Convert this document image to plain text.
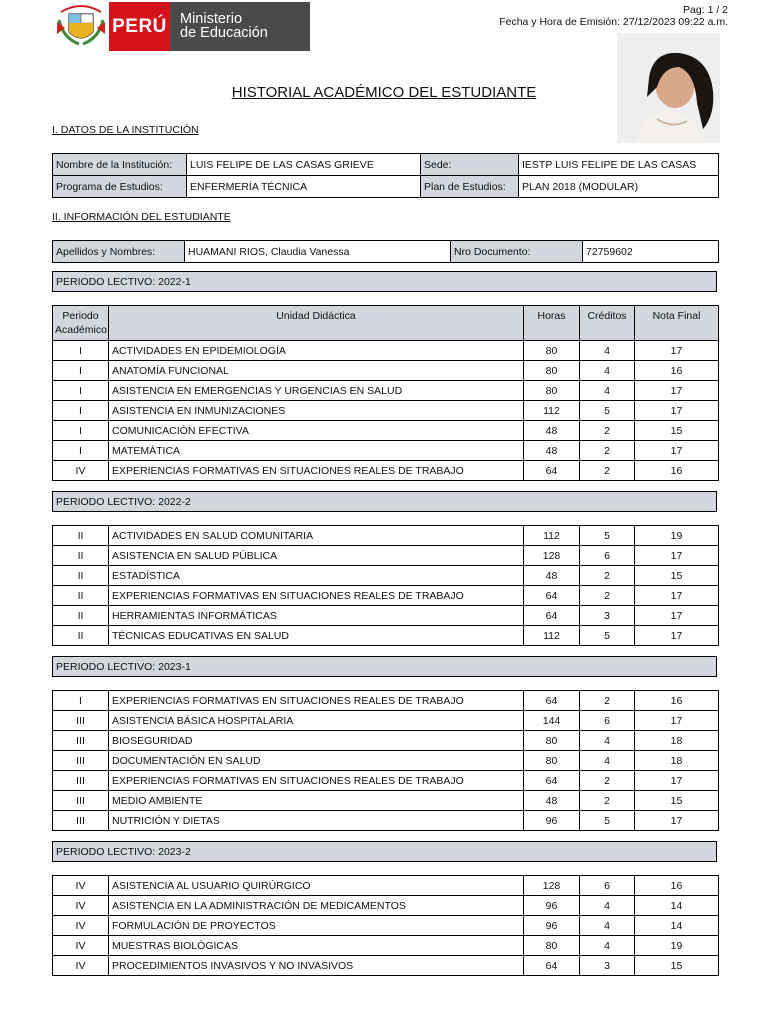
PERÚ Ministerio
de Educación
Pag: 1 / 2
Fecha y Hora de Emisión: 27/12/2023 09:22 a.m.
HISTORIAL ACADÉMICO DEL ESTUDIANTE
I. DATOS DE LA INSTITUCIÓN
Nombre de la Institución:	LUIS FELIPE DE LAS CASAS GRIEVE	Sede:	IESTP LUIS FELIPE DE LAS CASAS
Programa de Estudios:	ENFERMERÍA TÉCNICA	Plan de Estudios:	PLAN 2018 (MODULAR)
II. INFORMACIÓN DEL ESTUDIANTE
Apellidos y Nombres:	HUAMANI RIOS, Claudia Vanessa	Nro Documento:	72759602
PERIODO LECTIVO: 2022-1
Periodo
Académico	Unidad Didáctica	Horas	Créditos	Nota Final
I	ACTIVIDADES EN EPIDEMIOLOGÍA	80	4	17
I	ANATOMÍA FUNCIONAL	80	4	16
I	ASISTENCIA EN EMERGENCIAS Y URGENCIAS EN SALUD	80	4	17
I	ASISTENCIA EN INMUNIZACIONES	112	5	17
I	COMUNICACIÓN EFECTIVA	48	2	15
I	MATEMÁTICA	48	2	17
IV	EXPERIENCIAS FORMATIVAS EN SITUACIONES REALES DE TRABAJO	64	2	16
PERIODO LECTIVO: 2022-2
II	ACTIVIDADES EN SALUD COMUNITARIA	112	5	19
II	ASISTENCIA EN SALUD PÚBLICA	128	6	17
II	ESTADÍSTICA	48	2	15
II	EXPERIENCIAS FORMATIVAS EN SITUACIONES REALES DE TRABAJO	64	2	17
II	HERRAMIENTAS INFORMÁTICAS	64	3	17
II	TÉCNICAS EDUCATIVAS EN SALUD	112	5	17
PERIODO LECTIVO: 2023-1
I	EXPERIENCIAS FORMATIVAS EN SITUACIONES REALES DE TRABAJO	64	2	16
III	ASISTENCIA BÁSICA HOSPITALARIA	144	6	17
III	BIOSEGURIDAD	80	4	18
III	DOCUMENTACIÓN EN SALUD	80	4	18
III	EXPERIENCIAS FORMATIVAS EN SITUACIONES REALES DE TRABAJO	64	2	17
III	MEDIO AMBIENTE	48	2	15
III	NUTRICIÓN Y DIETAS	96	5	17
PERIODO LECTIVO: 2023-2
IV	ASISTENCIA AL USUARIO QUIRÚRGICO	128	6	16
IV	ASISTENCIA EN LA ADMINISTRACIÓN DE MEDICAMENTOS	96	4	14
IV	FORMULACIÓN DE PROYECTOS	96	4	14
IV	MUESTRAS BIOLÓGICAS	80	4	19
IV	PROCEDIMIENTOS INVASIVOS Y NO INVASIVOS	64	3	15
